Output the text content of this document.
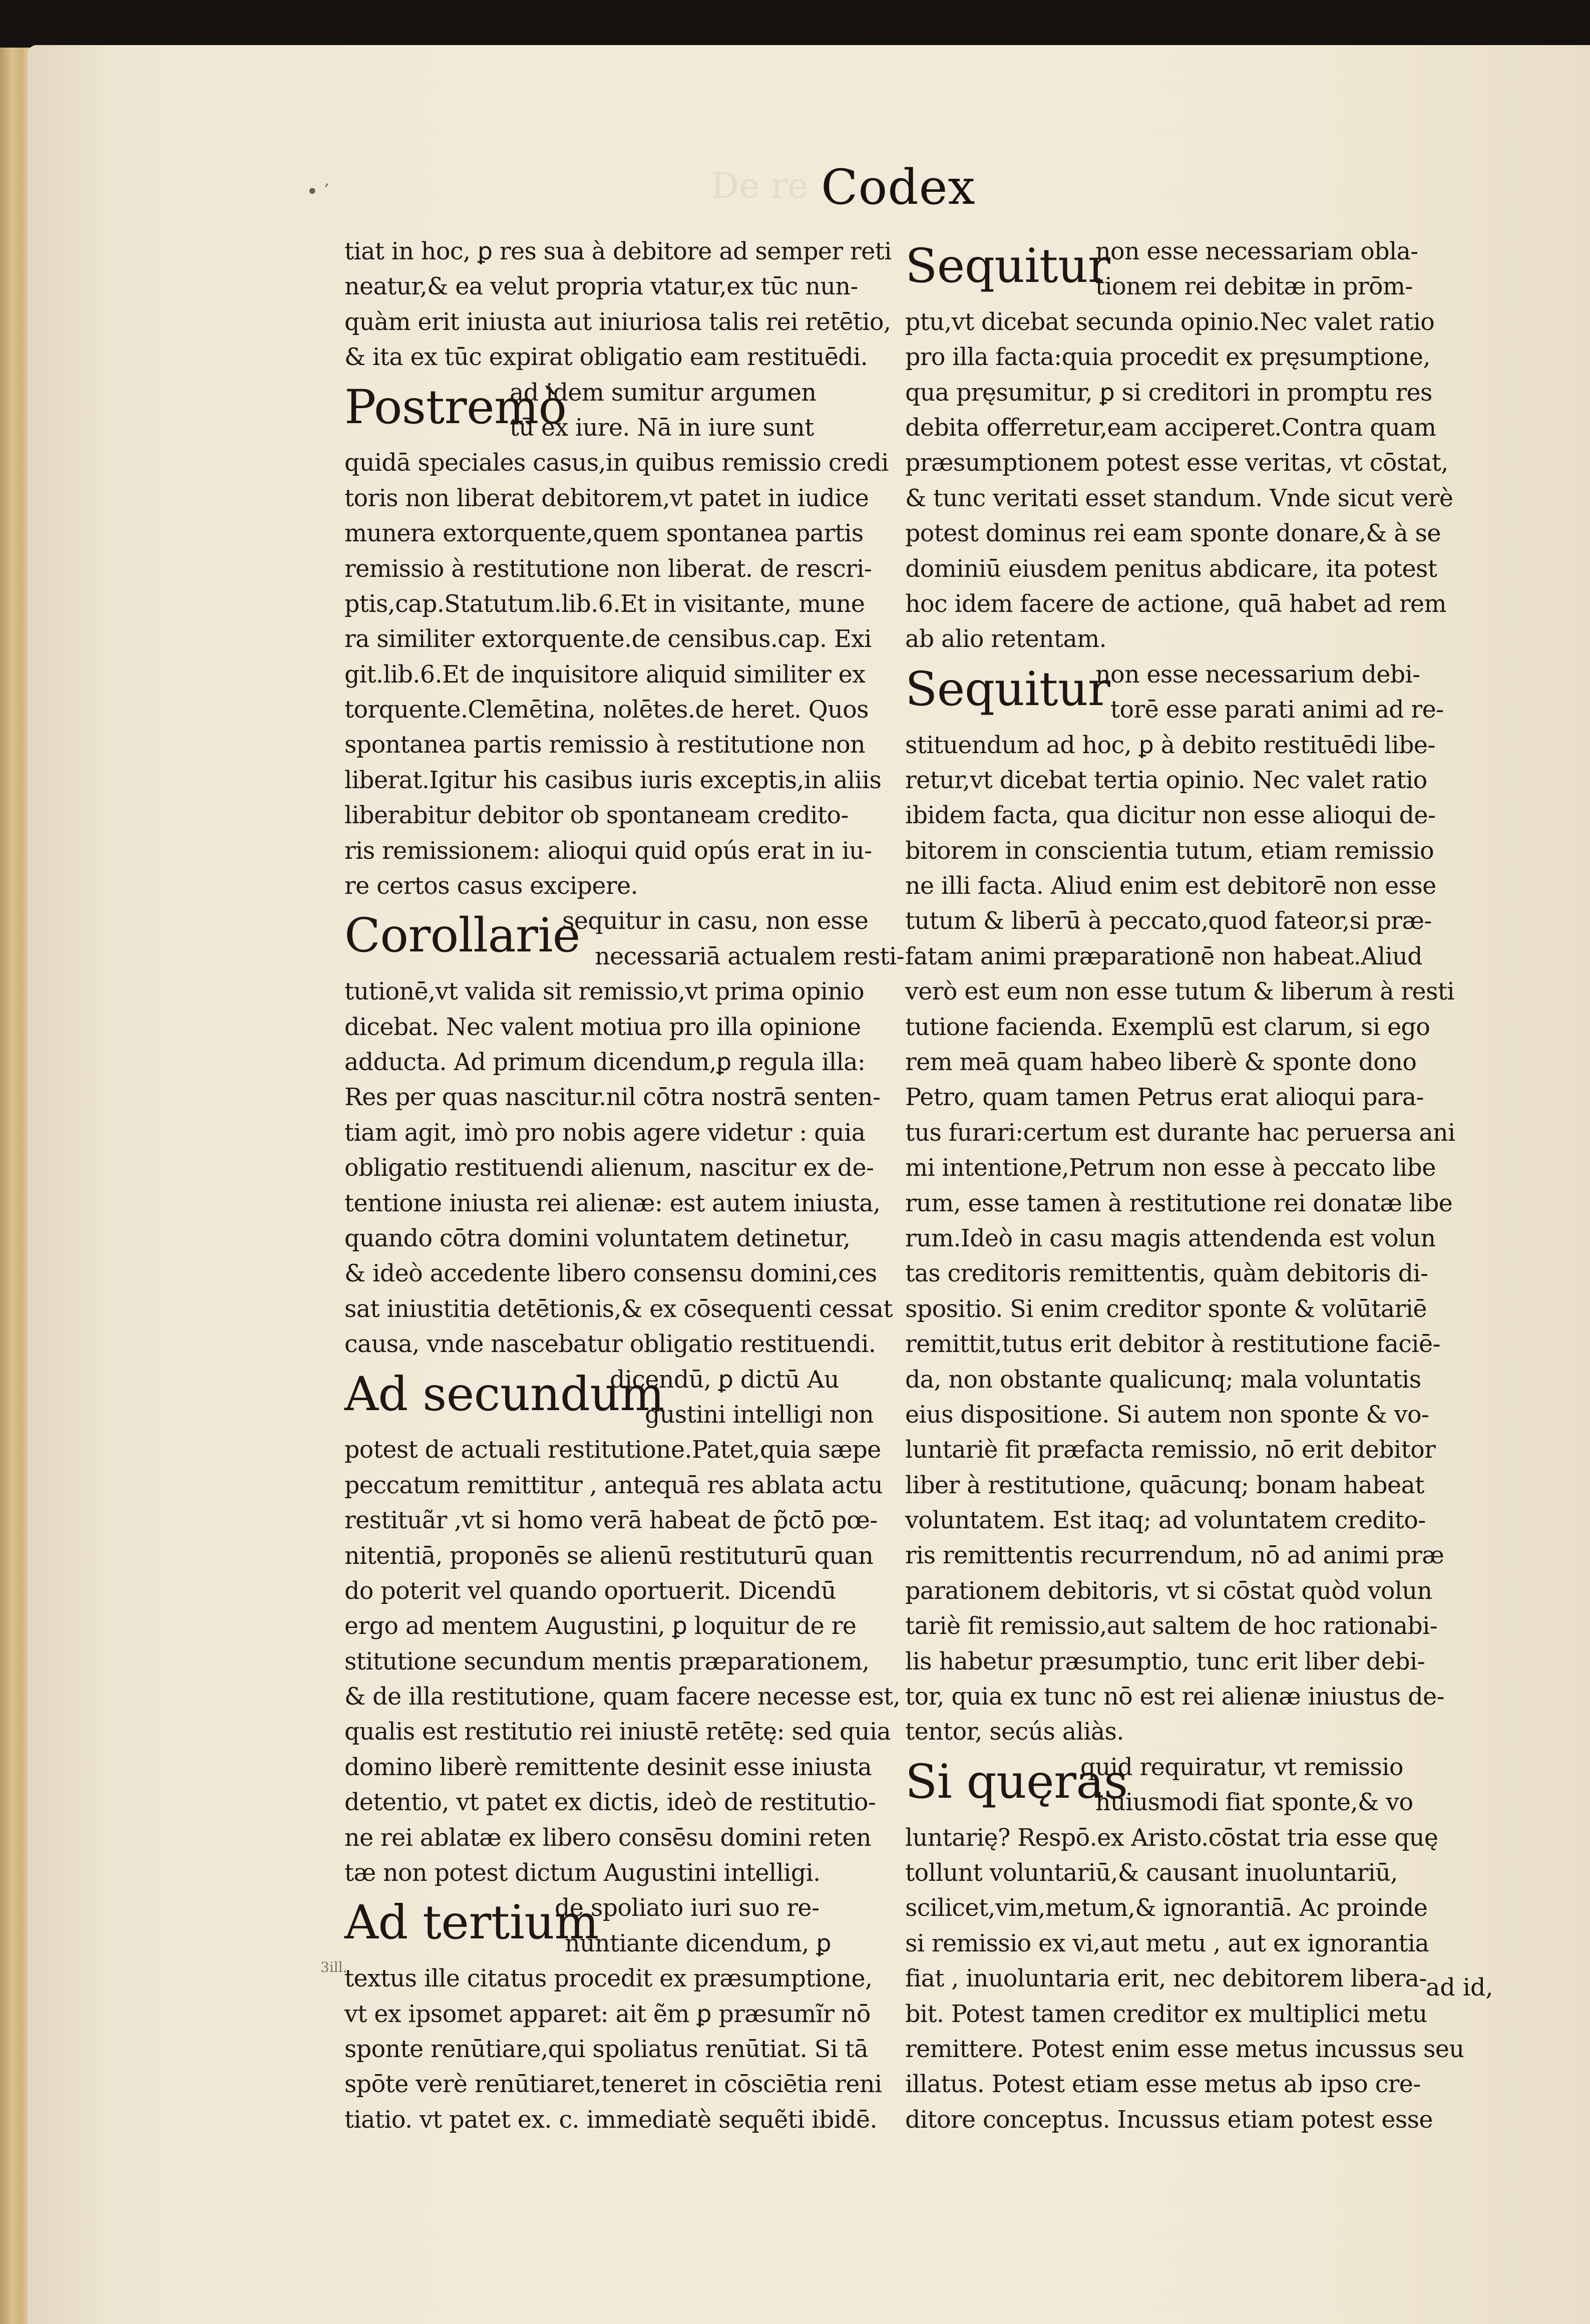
De re
• ′	Codex
tiat in hoc, ꝑ res sua à debitore ad semper reti
neatur,& ea velut propria vtatur,ex tūc nun-
quàm erit iniusta aut iniuriosa talis rei retētio,
& ita ex tūc expirat obligatio eam restituēdi.
Postremò
ad idem sumitur argumen
tū ex iure. Nā in iure sunt
quidā speciales casus,in quibus remissio credi
toris non liberat debitorem,vt patet in iudice
munera extorquente,quem spontanea partis
remissio à restitutione non liberat. de rescri-
ptis,cap.Statutum.lib.6.Et in visitante, mune
ra similiter extorquente.de censibus.cap. Exi
git.lib.6.Et de inquisitore aliquid similiter ex
torquente.Clemētina, nolētes.de heret. Quos
spontanea partis remissio à restitutione non
liberat.Igitur his casibus iuris exceptis,in aliis
liberabitur debitor ob spontaneam credito-
ris remissionem: alioqui quid opús erat in iu-
re certos casus excipere.
Corollarie
sequitur in casu, non esse
necessariā actualem resti-
tutionē,vt valida sit remissio,vt prima opinio
dicebat. Nec valent motiua pro illa opinione
adducta. Ad primum dicendum,ꝑ regula illa:
Res per quas nascitur.nil cōtra nostrā senten-
tiam agit, imò pro nobis agere videtur : quia
obligatio restituendi alienum, nascitur ex de-
tentione iniusta rei alienæ: est autem iniusta,
quando cōtra domini voluntatem detinetur,
& ideò accedente libero consensu domini,ces
sat iniustitia detētionis,& ex cōsequenti cessat
causa, vnde nascebatur obligatio restituendi.
Ad secundum
dicendū, ꝑ dictū Au
gustini intelligi non
potest de actuali restitutione.Patet,quia sæpe
peccatum remittitur , antequā res ablata actu
restituãr ,vt si homo verā habeat de p̃ctō pœ-
nitentiā, proponēs se alienū restituturū quan
do poterit vel quando oportuerit. Dicendū
ergo ad mentem Augustini, ꝑ loquitur de re
stitutione secundum mentis præparationem,
& de illa restitutione, quam facere necesse est,
qualis est restitutio rei iniustē retētę: sed quia
domino liberè remittente desinit esse iniusta
detentio, vt patet ex dictis, ideò de restitutio-
ne rei ablatæ ex libero consēsu domini reten
tæ non potest dictum Augustini intelligi.
Ad tertium
de spoliato iuri suo re-
nuntiante dicendum, ꝑ
textus ille citatus procedit ex præsumptione,
vt ex ipsomet apparet: ait ẽm ꝑ præsumĩr nō
sponte renūtiare,qui spoliatus renūtiat. Si tā
spōte verè renūtiaret,teneret in cōsciētia reni
tiatio. vt patet ex. c. immediatè sequẽti ibidē.
Sequitur
non esse necessariam obla-
tionem rei debitæ in prōm-
ptu,vt dicebat secunda opinio.Nec valet ratio
pro illa facta:quia procedit ex pręsumptione,
qua pręsumitur, ꝑ si creditori in promptu res
debita offerretur,eam acciperet.Contra quam
præsumptionem potest esse veritas, vt cōstat,
& tunc veritati esset standum. Vnde sicut verè
potest dominus rei eam sponte donare,& à se
dominiū eiusdem penitus abdicare, ita potest
hoc idem facere de actione, quā habet ad rem
ab alio retentam.
Sequitur
non esse necessarium debi-
torē esse parati animi ad re-
stituendum ad hoc, ꝑ à debito restituēdi libe-
retur,vt dicebat tertia opinio. Nec valet ratio
ibidem facta, qua dicitur non esse alioqui de-
bitorem in conscientia tutum, etiam remissio
ne illi facta. Aliud enim est debitorē non esse
tutum & liberū à peccato,quod fateor,si præ-
fatam animi præparationē non habeat.Aliud
verò est eum non esse tutum & liberum à resti
tutione facienda. Exemplū est clarum, si ego
rem meā quam habeo liberè & sponte dono
Petro, quam tamen Petrus erat alioqui para-
tus furari:certum est durante hac peruersa ani
mi intentione,Petrum non esse à peccato libe
rum, esse tamen à restitutione rei donatæ libe
rum.Ideò in casu magis attendenda est volun
tas creditoris remittentis, quàm debitoris di-
spositio. Si enim creditor sponte & volūtariē
remittit,tutus erit debitor à restitutione faciē-
da, non obstante qualicunq; mala voluntatis
eius dispositione. Si autem non sponte & vo-
luntariè fit præfacta remissio, nō erit debitor
liber à restitutione, quācunq; bonam habeat
voluntatem. Est itaq; ad voluntatem credito-
ris remittentis recurrendum, nō ad animi præ
parationem debitoris, vt si cōstat quòd volun
tariè fit remissio,aut saltem de hoc rationabi-
lis habetur præsumptio, tunc erit liber debi-
tor, quia ex tunc nō est rei alienæ iniustus de-
tentor, secús aliàs.
Si quęras
quid requiratur, vt remissio
huiusmodi fiat sponte,& vo
luntarię? Respō.ex Aristo.cōstat tria esse quę
tollunt voluntariū,& causant inuoluntariū,
scilicet,vim,metum,& ignorantiā. Ac proinde
si remissio ex vi,aut metu , aut ex ignorantia
fiat , inuoluntaria erit, nec debitorem libera-
bit. Potest tamen creditor ex multiplici metu
remittere. Potest enim esse metus incussus seu
illatus. Potest etiam esse metus ab ipso cre-
ditore conceptus. Incussus etiam potest esse
ad id,
3ill.
